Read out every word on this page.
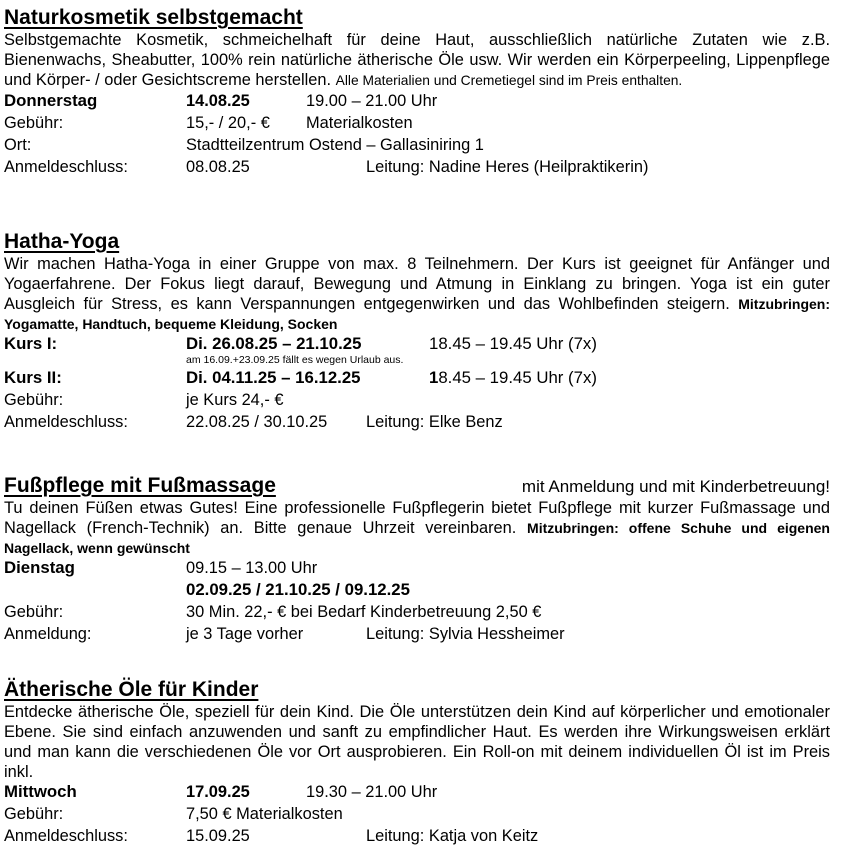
Naturkosmetik selbstgemacht
Selbstgemachte Kosmetik, schmeichelhaft für deine Haut, ausschließlich natürliche Zutaten wie z.B. Bienenwachs, Sheabutter, 100% rein natürliche ätherische Öle usw. Wir werden ein Körperpeeling, Lippenpflege und Körper- / oder Gesichtscreme herstellen. Alle Materialien und Cremetiegel sind im Preis enthalten.
Donnerstag	14.08.25	19.00 – 21.00 Uhr
Gebühr:	15,- / 20,- € Materialkosten
Ort:	Stadtteilzentrum Ostend – Gallasiniring 1
Anmeldeschluss:	08.08.25	Leitung: Nadine Heres (Heilpraktikerin)
Hatha-Yoga
Wir machen Hatha-Yoga in einer Gruppe von max. 8 Teilnehmern. Der Kurs ist geeignet für Anfänger und Yogaerfahrene. Der Fokus liegt darauf, Bewegung und Atmung in Einklang zu bringen. Yoga ist ein guter Ausgleich für Stress, es kann Verspannungen entgegenwirken und das Wohlbefinden steigern. Mitzubringen: Yogamatte, Handtuch, bequeme Kleidung, Socken
Kurs I:	Di. 26.08.25 – 21.10.25	18.45 – 19.45 Uhr (7x)
am 16.09.+23.09.25 fällt es wegen Urlaub aus.
Kurs II:	Di. 04.11.25 – 16.12.25	18.45 – 19.45 Uhr (7x)
Gebühr:	je Kurs 24,- €
Anmeldeschluss:	22.08.25 / 30.10.25 Leitung: Elke Benz
Fußpflege mit Fußmassage	mit Anmeldung und mit Kinderbetreuung!
Tu deinen Füßen etwas Gutes! Eine professionelle Fußpflegerin bietet Fußpflege mit kurzer Fußmassage und Nagellack (French-Technik) an. Bitte genaue Uhrzeit vereinbaren. Mitzubringen: offene Schuhe und eigenen Nagellack, wenn gewünscht
Dienstag	09.15 – 13.00 Uhr
02.09.25 / 21.10.25 / 09.12.25
Gebühr:	30 Min. 22,- € bei Bedarf Kinderbetreuung 2,50 €
Anmeldung:	je 3 Tage vorher	Leitung: Sylvia Hessheimer
Ätherische Öle für Kinder
Entdecke ätherische Öle, speziell für dein Kind. Die Öle unterstützen dein Kind auf körperlicher und emotionaler Ebene. Sie sind einfach anzuwenden und sanft zu empfindlicher Haut. Es werden ihre Wirkungsweisen erklärt und man kann die verschiedenen Öle vor Ort ausprobieren. Ein Roll-on mit deinem individuellen Öl ist im Preis inkl.
Mittwoch	17.09.25	19.30 – 21.00 Uhr
Gebühr:	7,50 € Materialkosten
Anmeldeschluss:	15.09.25	Leitung: Katja von Keitz
